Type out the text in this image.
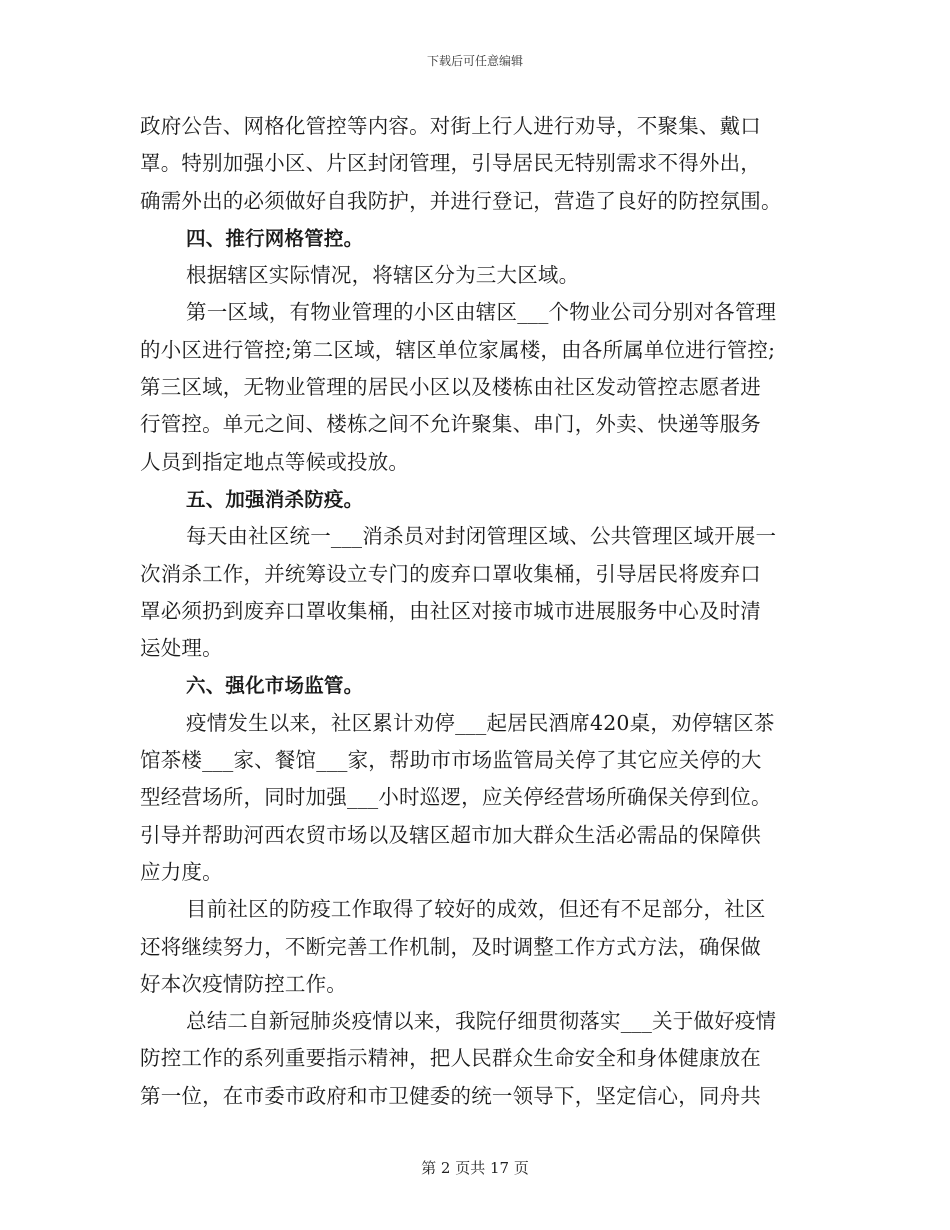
下载后可任意编辑
政府公告、网格化管控等内容。对街上行人进行劝导，不聚集、戴口
罩。特别加强小区、片区封闭管理，引导居民无特别需求不得外出，
确需外出的必须做好自我防护，并进行登记，营造了良好的防控氛围。
四、推行网格管控。
根据辖区实际情况，将辖区分为三大区域。
第一区域，有物业管理的小区由辖区___个物业公司分别对各管理
的小区进行管控;第二区域，辖区单位家属楼，由各所属单位进行管控;
第三区域，无物业管理的居民小区以及楼栋由社区发动管控志愿者进
行管控。单元之间、楼栋之间不允许聚集、串门，外卖、快递等服务
人员到指定地点等候或投放。
五、加强消杀防疫。
每天由社区统一___消杀员对封闭管理区域、公共管理区域开展一
次消杀工作，并统筹设立专门的废弃口罩收集桶，引导居民将废弃口
罩必须扔到废弃口罩收集桶，由社区对接市城市进展服务中心及时清
运处理。
六、强化市场监管。
疫情发生以来，社区累计劝停___起居民酒席420桌，劝停辖区茶
馆茶楼___家、餐馆___家，帮助市市场监管局关停了其它应关停的大
型经营场所，同时加强___小时巡逻，应关停经营场所确保关停到位。
引导并帮助河西农贸市场以及辖区超市加大群众生活必需品的保障供
应力度。
目前社区的防疫工作取得了较好的成效，但还有不足部分，社区
还将继续努力，不断完善工作机制，及时调整工作方式方法，确保做
好本次疫情防控工作。
总结二自新冠肺炎疫情以来，我院仔细贯彻落实___关于做好疫情
防控工作的系列重要指示精神，把人民群众生命安全和身体健康放在
第一位，在市委市政府和市卫健委的统一领导下，坚定信心，同舟共
第 2 页共 17 页
